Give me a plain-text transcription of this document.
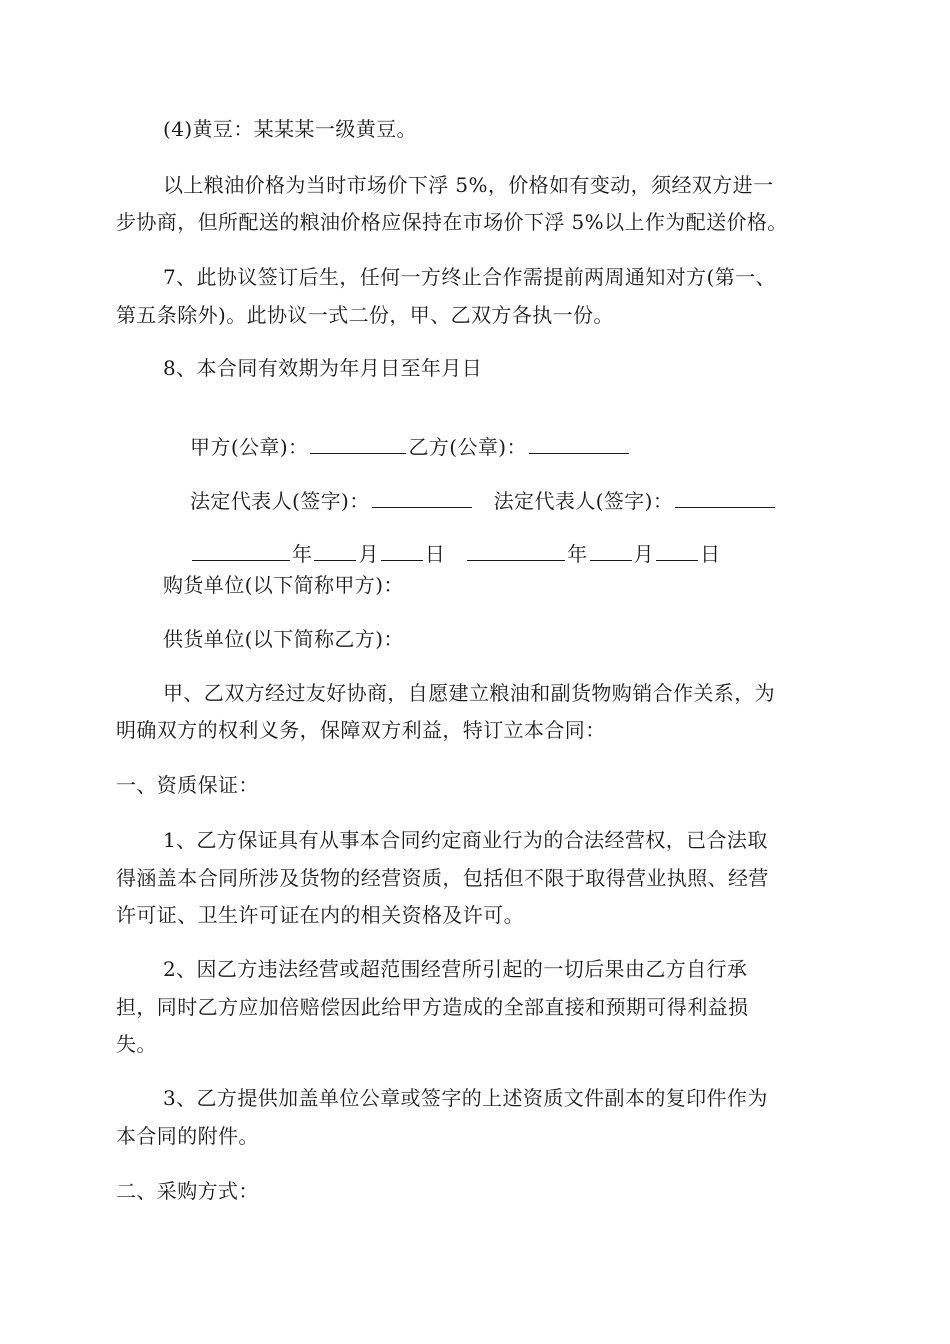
(4)黄豆：某某某一级黄豆。
以上粮油价格为当时市场价下浮 5%，价格如有变动，须经双方进一
步协商，但所配送的粮油价格应保持在市场价下浮 5%以上作为配送价格。
7、此协议签订后生，任何一方终止合作需提前两周通知对方(第一、
第五条除外)。此协议一式二份，甲、乙双方各执一份。
8、本合同有效期为年月日至年月日

甲方(公章)：	乙方(公章)：

法定代表人(签字)：	法定代表人(签字)：

年 月 日	年 月 日

购货单位(以下简称甲方)：
供货单位(以下简称乙方)：
甲、乙双方经过友好协商，自愿建立粮油和副货物购销合作关系，为
明确双方的权利义务，保障双方利益，特订立本合同：
一、资质保证：
1、乙方保证具有从事本合同约定商业行为的合法经营权，已合法取
得涵盖本合同所涉及货物的经营资质，包括但不限于取得营业执照、经营
许可证、卫生许可证在内的相关资格及许可。
2、因乙方违法经营或超范围经营所引起的一切后果由乙方自行承
担，同时乙方应加倍赔偿因此给甲方造成的全部直接和预期可得利益损
失。
3、乙方提供加盖单位公章或签字的上述资质文件副本的复印件作为
本合同的附件。
二、采购方式：
